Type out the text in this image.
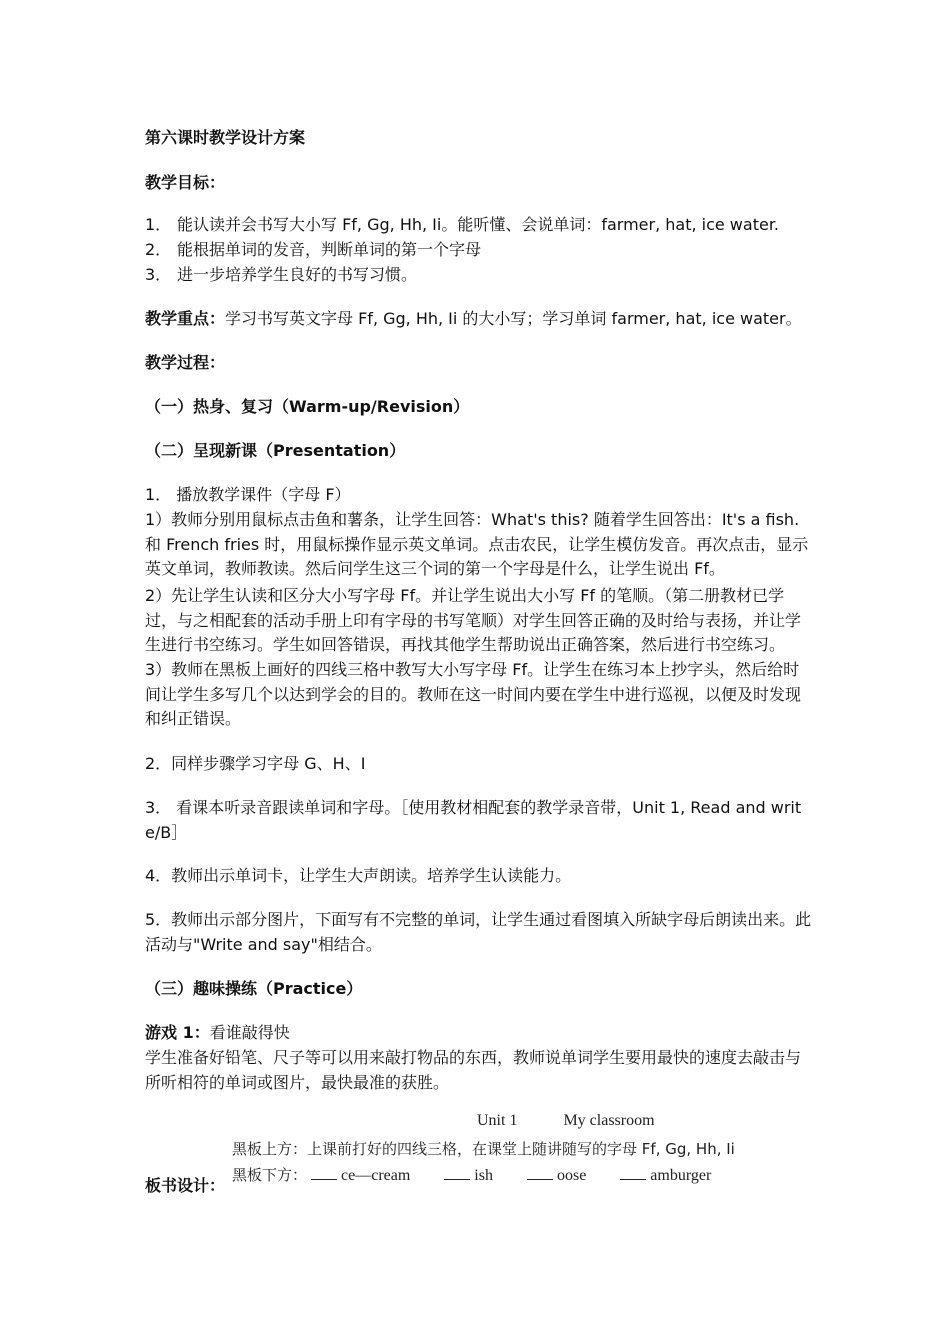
第六课时教学设计方案
教学目标：
1． 能认读并会书写大小写 Ff, Gg, Hh, Ii。能听懂、会说单词：farmer, hat, ice water.
2． 能根据单词的发音，判断单词的第一个字母
3． 进一步培养学生良好的书写习惯。
教学重点：学习书写英文字母 Ff, Gg, Hh, Ii 的大小写；学习单词 farmer, hat, ice water。
教学过程：
（一）热身、复习（Warm-up/Revision）
（二）呈现新课（Presentation）
1． 播放教学课件（字母 F）
1）教师分别用鼠标点击鱼和薯条，让学生回答：What's this? 随着学生回答出：It's a fish. 和 French fries 时，用鼠标操作显示英文单词。点击农民，让学生模仿发音。再次点击，显示英文单词，教师教读。然后问学生这三个词的第一个字母是什么，让学生说出 Ff。
2）先让学生认读和区分大小写字母 Ff。并让学生说出大小写 Ff 的笔顺。（第二册教材已学过，与之相配套的活动手册上印有字母的书写笔顺）对学生回答正确的及时给与表扬，并让学生进行书空练习。学生如回答错误，再找其他学生帮助说出正确答案，然后进行书空练习。
3）教师在黑板上画好的四线三格中教写大小写字母 Ff。让学生在练习本上抄字头，然后给时间让学生多写几个以达到学会的目的。教师在这一时间内要在学生中进行巡视，以便及时发现和纠正错误。
2．同样步骤学习字母 G、H、I
3． 看课本听录音跟读单词和字母。［使用教材相配套的教学录音带，Unit 1, Read and write/B］
4．教师出示单词卡，让学生大声朗读。培养学生认读能力。
5．教师出示部分图片，下面写有不完整的单词，让学生通过看图填入所缺字母后朗读出来。此活动与"Write and say"相结合。
（三）趣味操练（Practice）
游戏 1：看谁敲得快
学生准备好铅笔、尺子等可以用来敲打物品的东西，教师说单词学生要用最快的速度去敲击与所听相符的单词或图片，最快最准的获胜。
板书设计：
Unit 1	My classroom
黑板上方：上课前打好的四线三格，在课堂上随讲随写的字母 Ff, Gg, Hh, Ii
黑板下方： ce—cream	ish	oose	amburger
